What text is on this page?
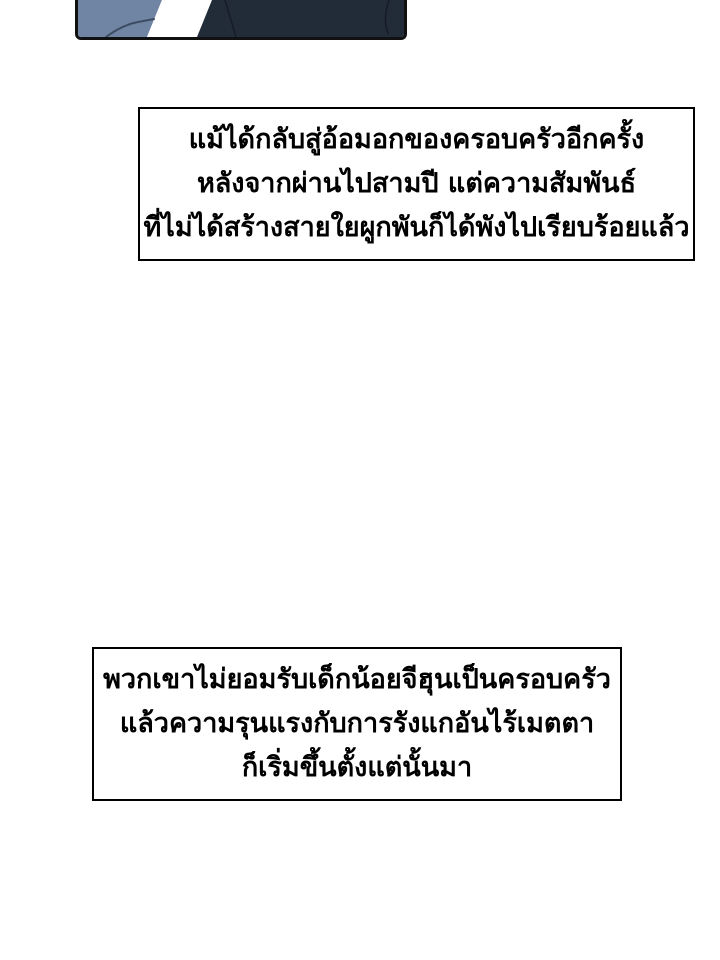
แม้ได้กลับสู่อ้อมอกของครอบครัวอีกครั้ง
หลังจากผ่านไปสามปี แต่ความสัมพันธ์
ที่ไม่ได้สร้างสายใยผูกพันก็ได้พังไปเรียบร้อยแล้ว
พวกเขาไม่ยอมรับเด็กน้อยจีฮุนเป็นครอบครัว
แล้วความรุนแรงกับการรังแกอันไร้เมตตา
ก็เริ่มขึ้นตั้งแต่นั้นมา
